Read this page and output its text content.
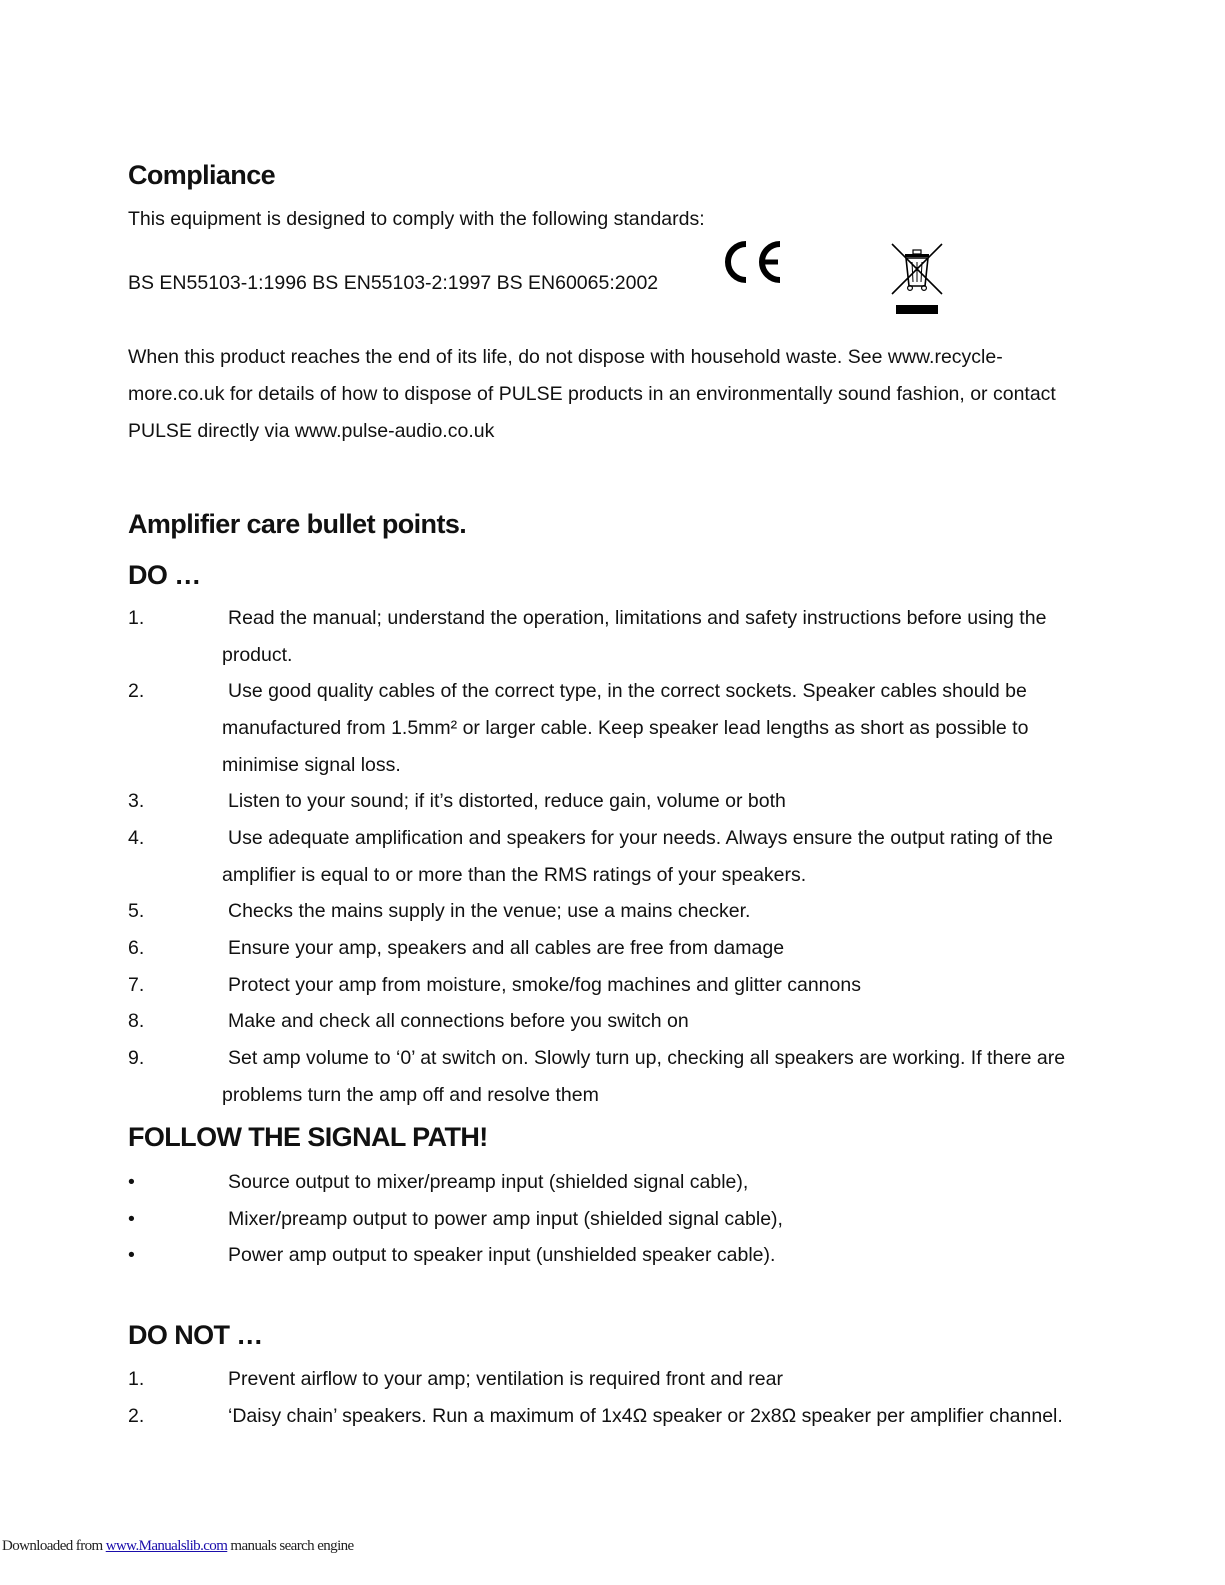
Compliance
This equipment is designed to comply with the following standards:
BS EN55103-1:1996 BS EN55103-2:1997 BS EN60065:2002
When this product reaches the end of its life, do not dispose with household waste. See www.recycle-more.co.uk for details of how to dispose of PULSE products in an environmentally sound fashion, or contact PULSE directly via www.pulse-audio.co.uk
Amplifier care bullet points.
DO …
1.	Read the manual; understand the operation, limitations and safety instructions before using the product.
2.	Use good quality cables of the correct type, in the correct sockets. Speaker cables should be manufactured from 1.5mm² or larger cable. Keep speaker lead lengths as short as possible to minimise signal loss.
3.	Listen to your sound; if it’s distorted, reduce gain, volume or both
4.	Use adequate amplification and speakers for your needs. Always ensure the output rating of the amplifier is equal to or more than the RMS ratings of your speakers.
5.	Checks the mains supply in the venue; use a mains checker.
6.	Ensure your amp, speakers and all cables are free from damage
7.	Protect your amp from moisture, smoke/fog machines and glitter cannons
8.	Make and check all connections before you switch on
9.	Set amp volume to ‘0’ at switch on. Slowly turn up, checking all speakers are working. If there are problems turn the amp off and resolve them
FOLLOW THE SIGNAL PATH!
•	Source output to mixer/preamp input (shielded signal cable),
•	Mixer/preamp output to power amp input (shielded signal cable),
•	Power amp output to speaker input (unshielded speaker cable).
DO NOT …
1.	Prevent airflow to your amp; ventilation is required front and rear
2.	‘Daisy chain’ speakers. Run a maximum of 1x4Ω speaker or 2x8Ω speaker per amplifier channel.
Downloaded from www.Manualslib.com manuals search engine
